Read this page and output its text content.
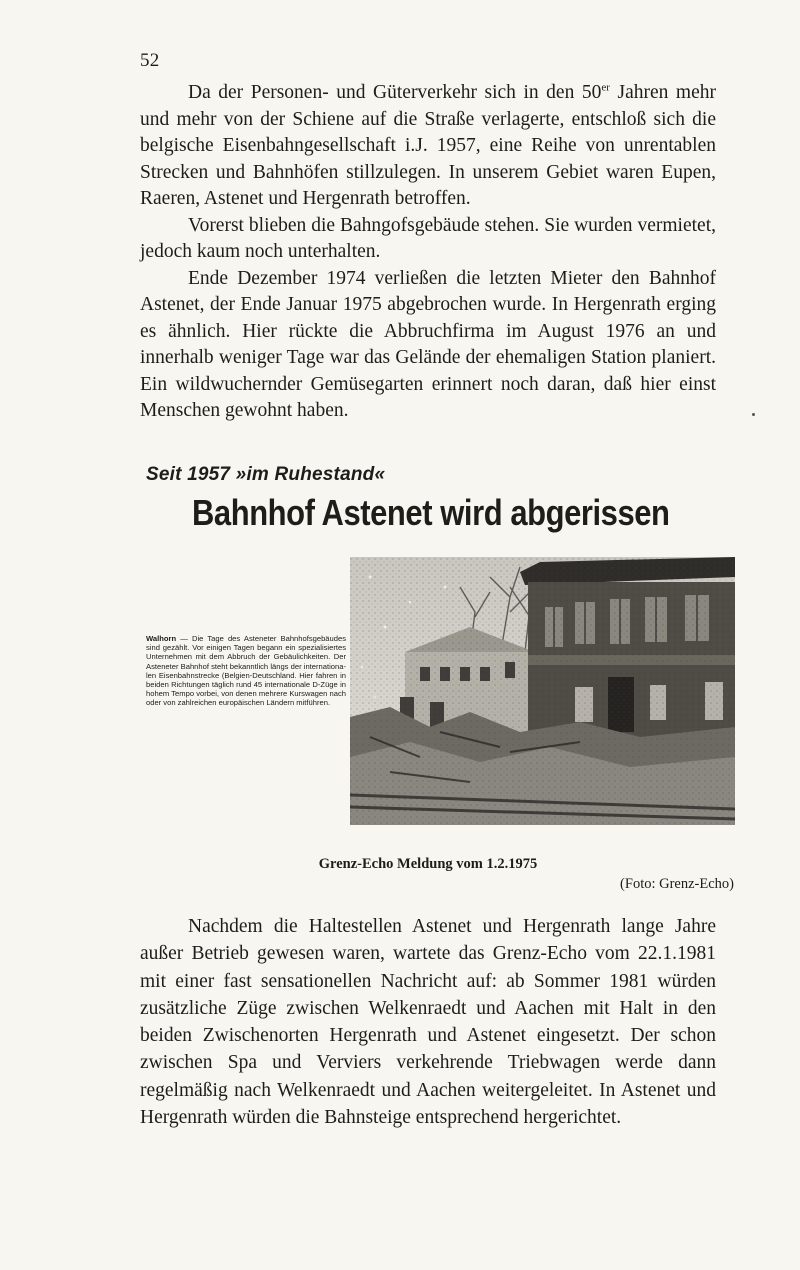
52

Da der Personen- und Güterverkehr sich in den 50er Jahren mehr und mehr von der Schiene auf die Straße verlagerte, entschloß sich die belgische Eisenbahngesellschaft i.J. 1957, eine Reihe von unrentablen Strecken und Bahnhöfen stillzulegen. In unserem Gebiet waren Eupen, Raeren, Astenet und Hergenrath betroffen.

Vorerst blieben die Bahngofsgebäude stehen. Sie wurden vermietet, jedoch kaum noch unterhalten.

Ende Dezember 1974 verließen die letzten Mieter den Bahnhof Astenet, der Ende Januar 1975 abgebrochen wurde. In Hergenrath erging es ähnlich. Hier rückte die Abbruchfirma im August 1976 an und innerhalb weniger Tage war das Gelände der ehemaligen Station planiert. Ein wildwuchernder Gemüsegarten erinnert noch daran, daß hier einst Menschen gewohnt haben.

Seit 1957 »im Ruhestand«
Bahnhof Astenet wird abgerissen
Walhorn — Die Tage des Asteneter Bahnhofsgebäudes sind gezählt. Vor einigen Tagen begann ein spezialisiertes Unternehmen mit dem Abbruch der Gebäulichkeiten. Der Asteneter Bahnhof steht bekanntlich längs der internationalen Eisenbahnstrecke (Belgien-Deutschland. Hier fahren in beiden Richtungen täglich rund 45 internationale D-Züge in hohem Tempo vorbei, von denen mehrere Kurswagen nach oder von zahlreichen europäischen Ländern mitführen.
Grenz-Echo Meldung vom 1.2.1975
(Foto: Grenz-Echo)

Nachdem die Haltestellen Astenet und Hergenrath lange Jahre außer Betrieb gewesen waren, wartete das Grenz-Echo vom 22.1.1981 mit einer fast sensationellen Nachricht auf: ab Sommer 1981 würden zusätzliche Züge zwischen Welkenraedt und Aachen mit Halt in den beiden Zwischenorten Hergenrath und Astenet eingesetzt. Der schon zwischen Spa und Verviers verkehrende Triebwagen werde dann regelmäßig nach Welkenraedt und Aachen weitergeleitet. In Astenet und Hergenrath würden die Bahnsteige entsprechend hergerichtet.
